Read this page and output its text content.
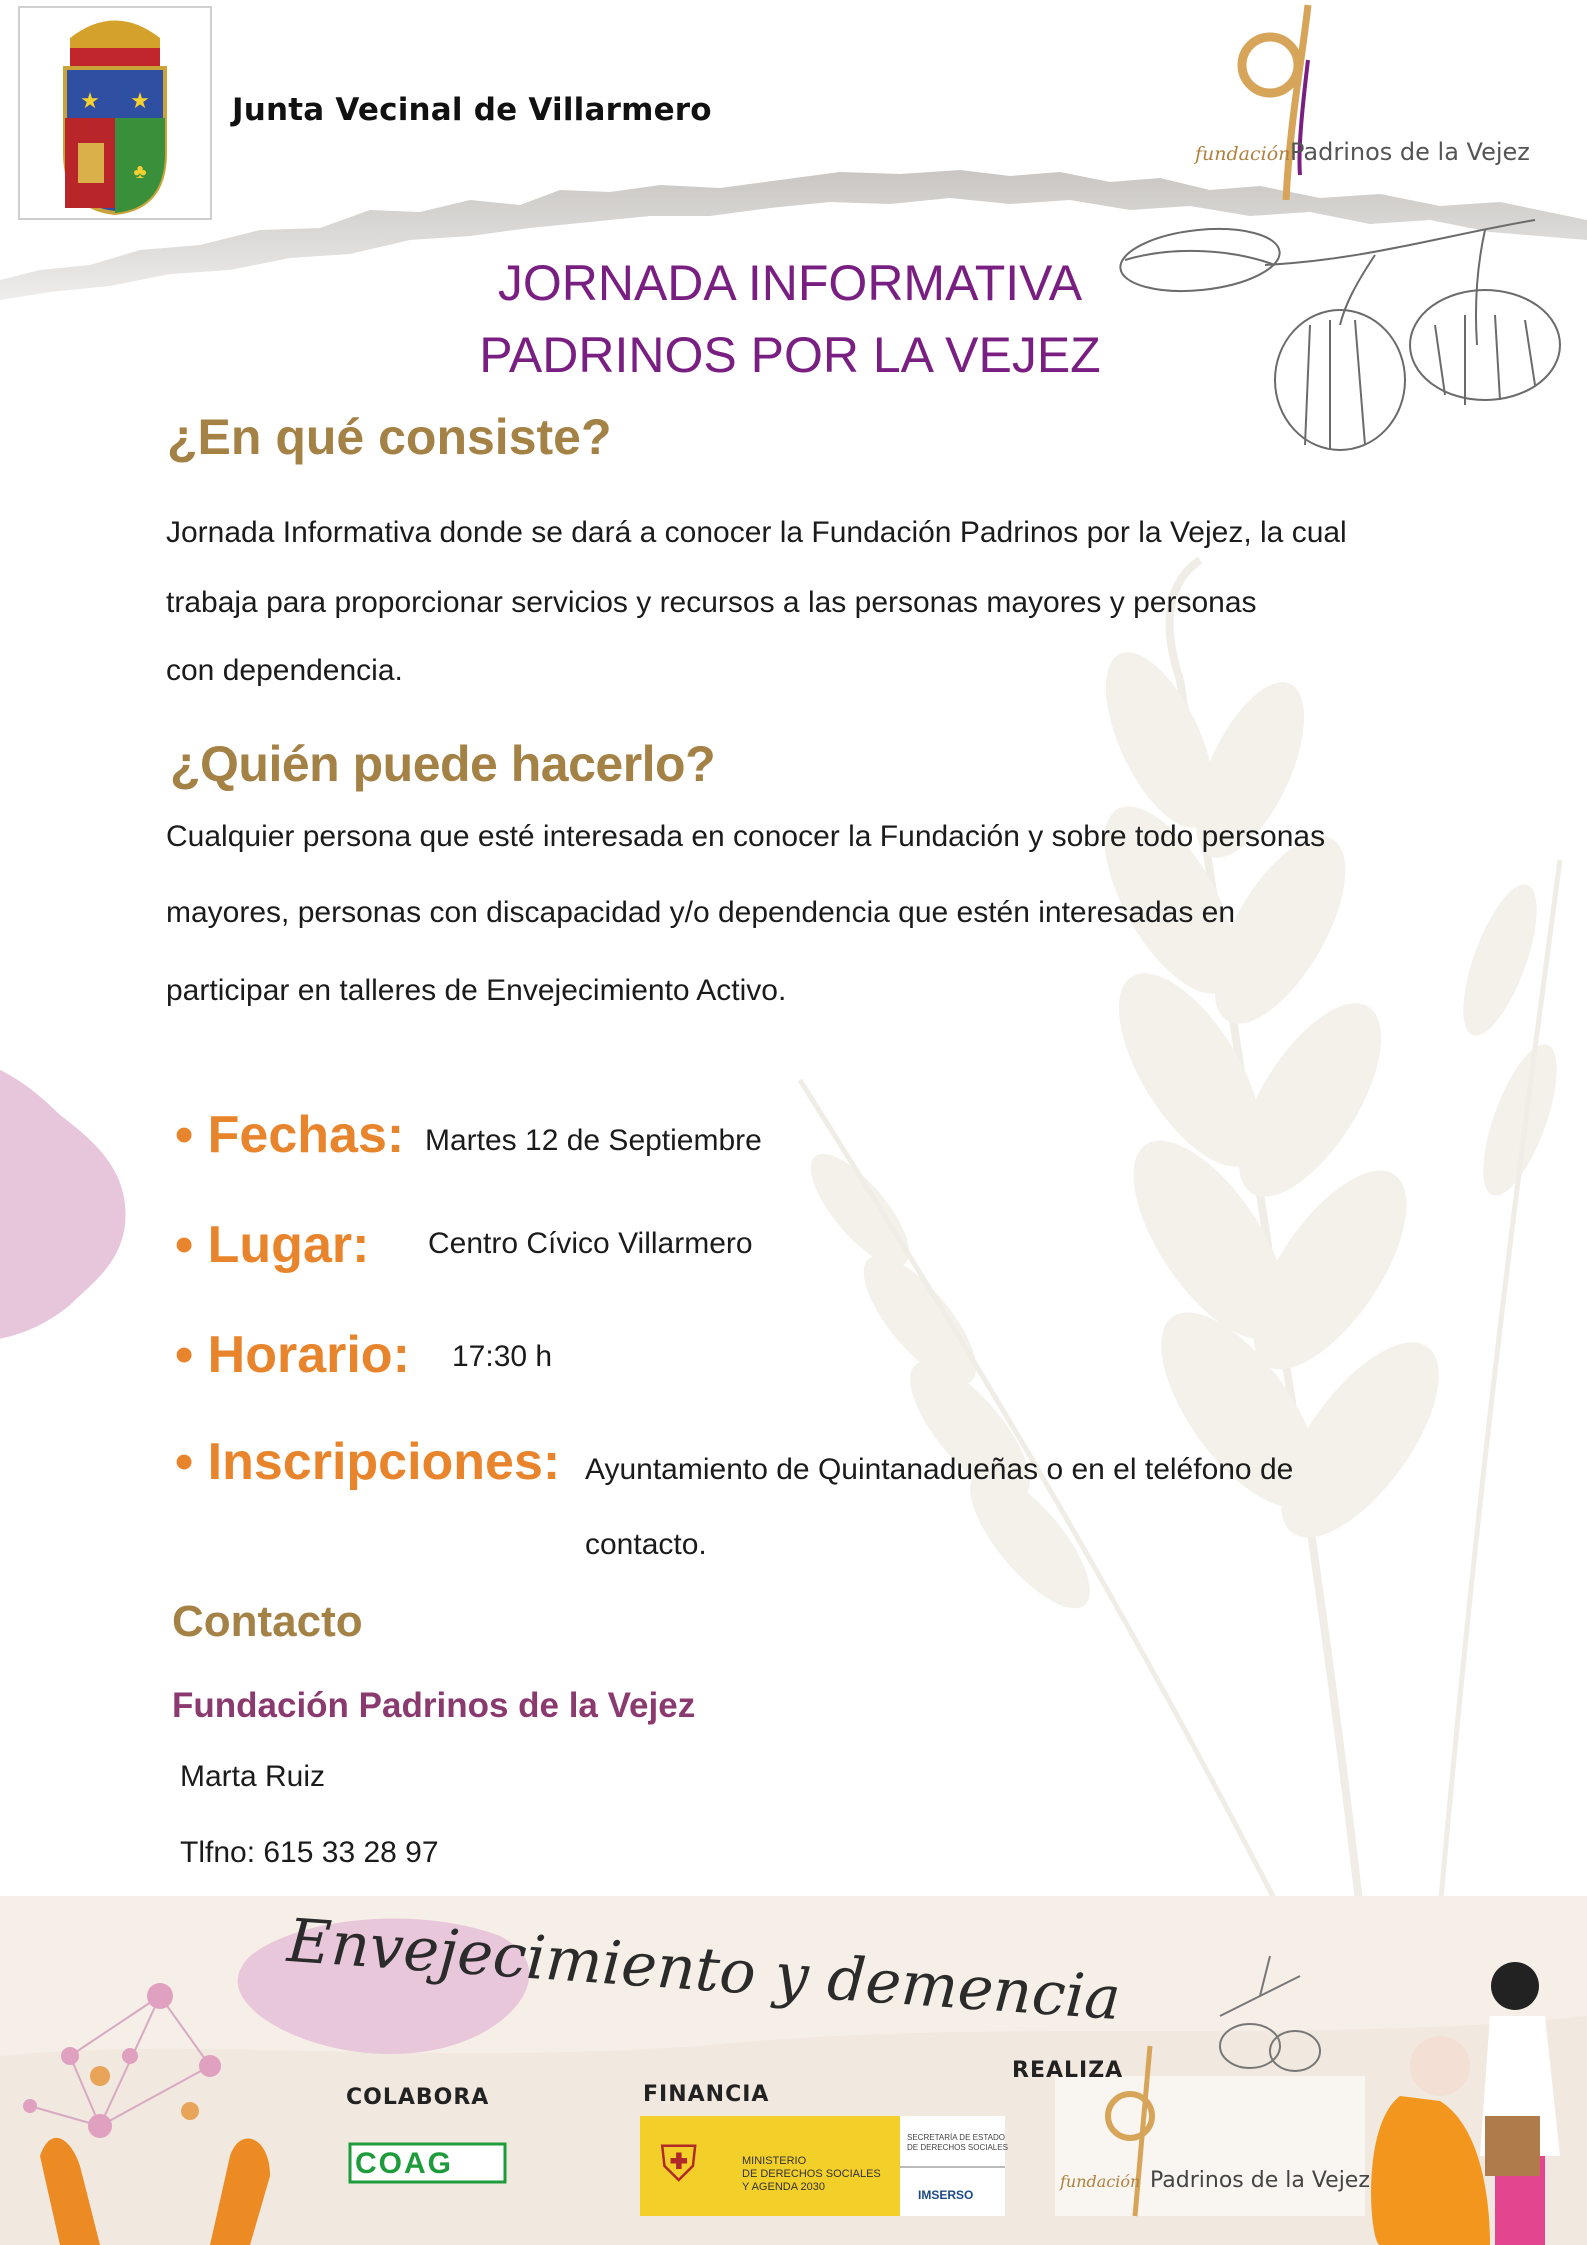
★ ★
♣
Junta Vecinal de Villarmero
fundación Padrinos de la Vejez
JORNADA INFORMATIVA
PADRINOS POR LA VEJEZ
¿En qué consiste?
Jornada Informativa donde se dará a conocer la Fundación Padrinos por la Vejez, la cual
trabaja para proporcionar servicios y recursos a las personas mayores y personas
con dependencia.
¿Quién puede hacerlo?
Cualquier persona que esté interesada en conocer la Fundación y sobre todo personas
mayores, personas con discapacidad y/o dependencia que estén interesadas en
participar en talleres de Envejecimiento Activo.
• Fechas: Martes 12 de Septiembre
• Lugar: Centro Cívico Villarmero
• Horario: 17:30 h
• Inscripciones: Ayuntamiento de Quintanadueñas o en el teléfono de
contacto.
Contacto
Fundación Padrinos de la Vejez
Marta Ruiz
Tlfno: 615 33 28 97
Envejecimiento y demencia
COLABORA	FINANCIA
REALIZA
COAG	MINISTERIO
DE DERECHOS SOCIALES
Y AGENDA 2030
⛨	SECRETARÍA DE ESTADO
DE DERECHOS SOCIALES
IMSERSO
fundación Padrinos de la Vejez
